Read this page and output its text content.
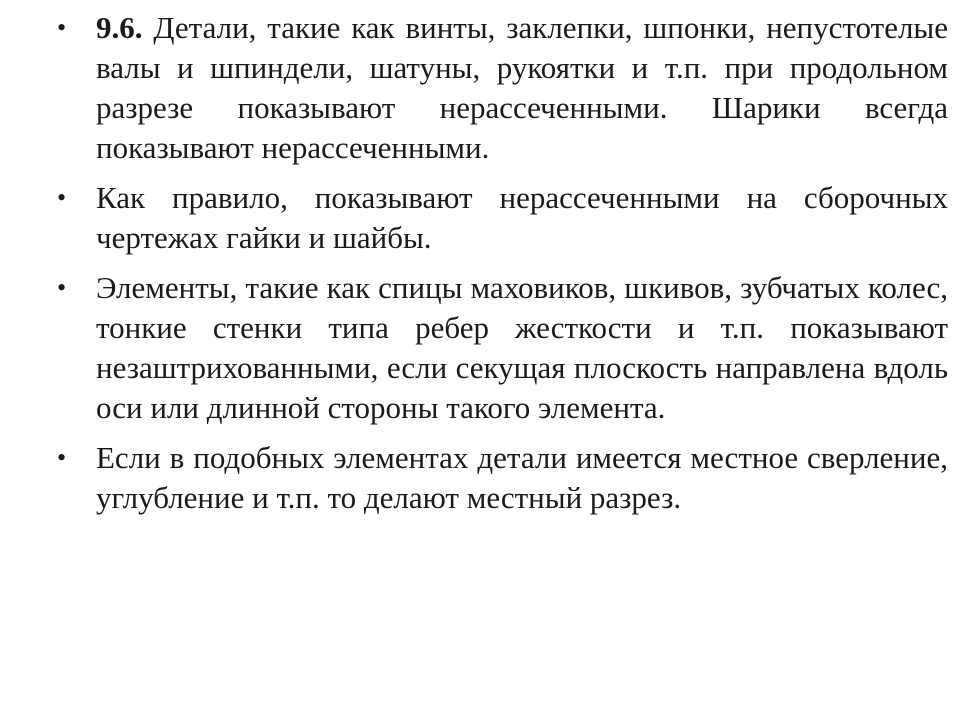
• 9.6. Детали, такие как винты, заклепки, шпонки, непустотелые валы и шпиндели, шатуны, рукоятки и т.п. при продольном разрезе показывают нерассеченными. Шарики всегда показывают нерассеченными.
• Как правило, показывают нерассеченными на сборочных чертежах гайки и шайбы.
• Элементы, такие как спицы маховиков, шкивов, зубчатых колес, тонкие стенки типа ребер жесткости и т.п. показывают незаштрихованными, если секущая плоскость направлена вдоль оси или длинной стороны такого элемента.
• Если в подобных элементах детали имеется местное сверление, углубление и т.п. то делают местный разрез.
